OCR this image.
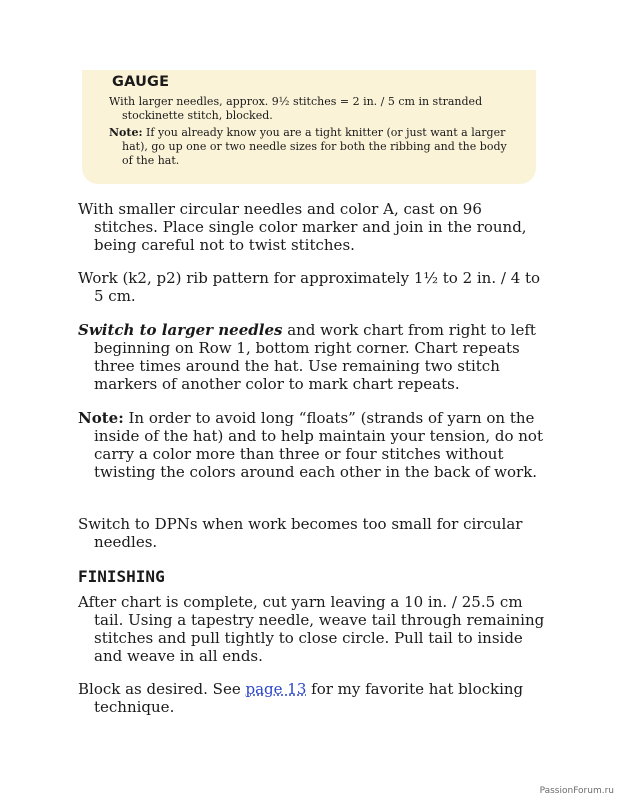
GAUGE

With larger needles, approx. 9½ stitches = 2 in. / 5 cm in stranded stockinette stitch, blocked.

Note: If you already know you are a tight knitter (or just want a larger hat), go up one or two needle sizes for both the ribbing and the body of the hat.

With smaller circular needles and color A, cast on 96 stitches. Place single color marker and join in the round, being careful not to twist stitches.

Work (k2, p2) rib pattern for approximately 1½ to 2 in. / 4 to 5 cm.

Switch to larger needles and work chart from right to left beginning on Row 1, bottom right corner. Chart repeats three times around the hat. Use remaining two stitch markers of another color to mark chart repeats.

Note: In order to avoid long “floats” (strands of yarn on the inside of the hat) and to help maintain your tension, do not carry a color more than three or four stitches without twisting the colors around each other in the back of work.

Switch to DPNs when work becomes too small for circular needles.

FINISHING

After chart is complete, cut yarn leaving a 10 in. / 25.5 cm tail. Using a tapestry needle, weave tail through remaining stitches and pull tightly to close circle. Pull tail to inside and weave in all ends.

Block as desired. See page 13 for my favorite hat blocking technique.

PassionForum.ru
